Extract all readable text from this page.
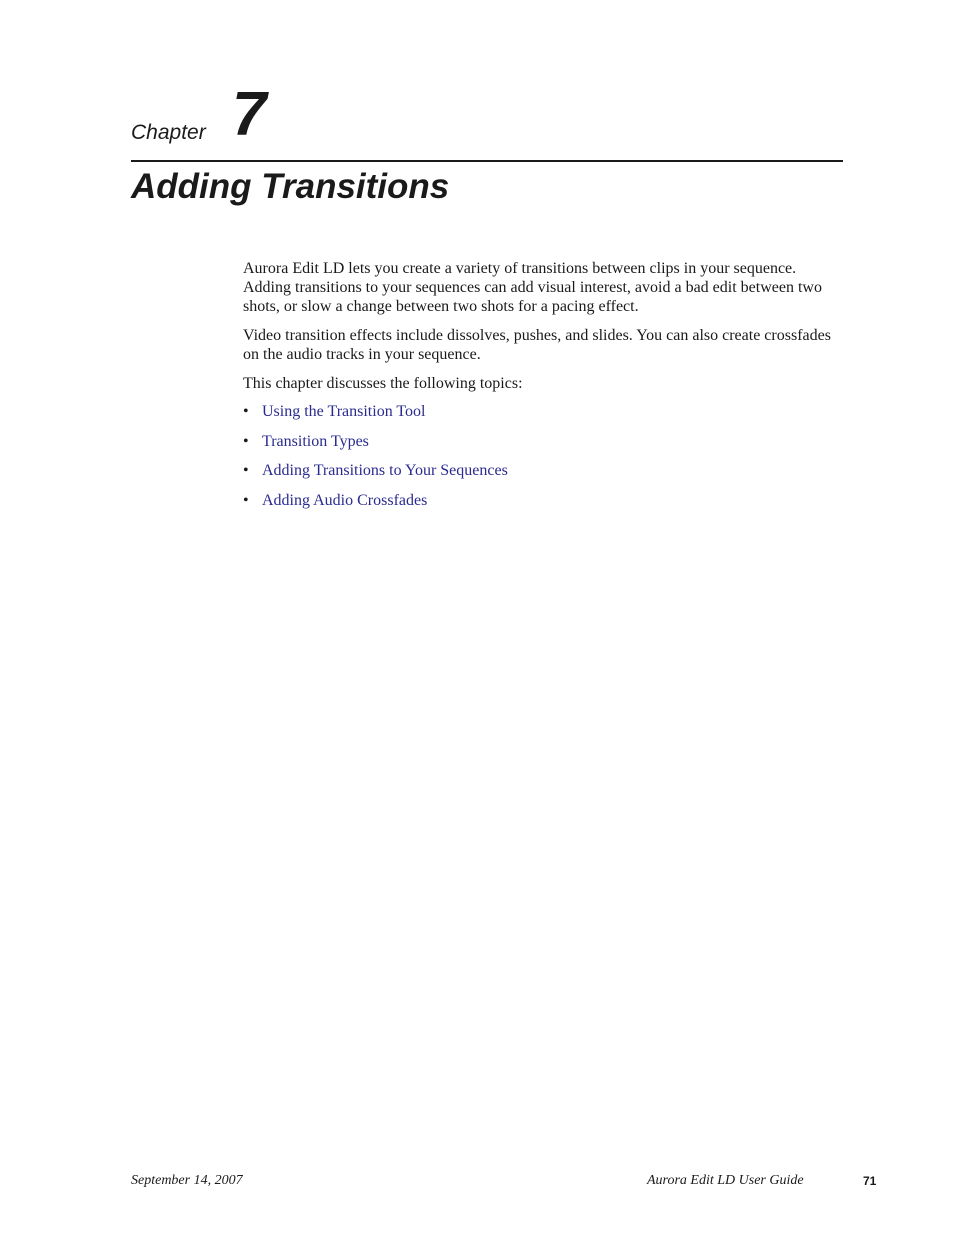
Chapter 7
Adding Transitions

Aurora Edit LD lets you create a variety of transitions between clips in your sequence. Adding transitions to your sequences can add visual interest, avoid a bad edit between two shots, or slow a change between two shots for a pacing effect.

Video transition effects include dissolves, pushes, and slides. You can also create crossfades on the audio tracks in your sequence.

This chapter discusses the following topics:

• Using the Transition Tool
• Transition Types
• Adding Transitions to Your Sequences
• Adding Audio Crossfades
September 14, 2007	Aurora Edit LD User Guide	71
